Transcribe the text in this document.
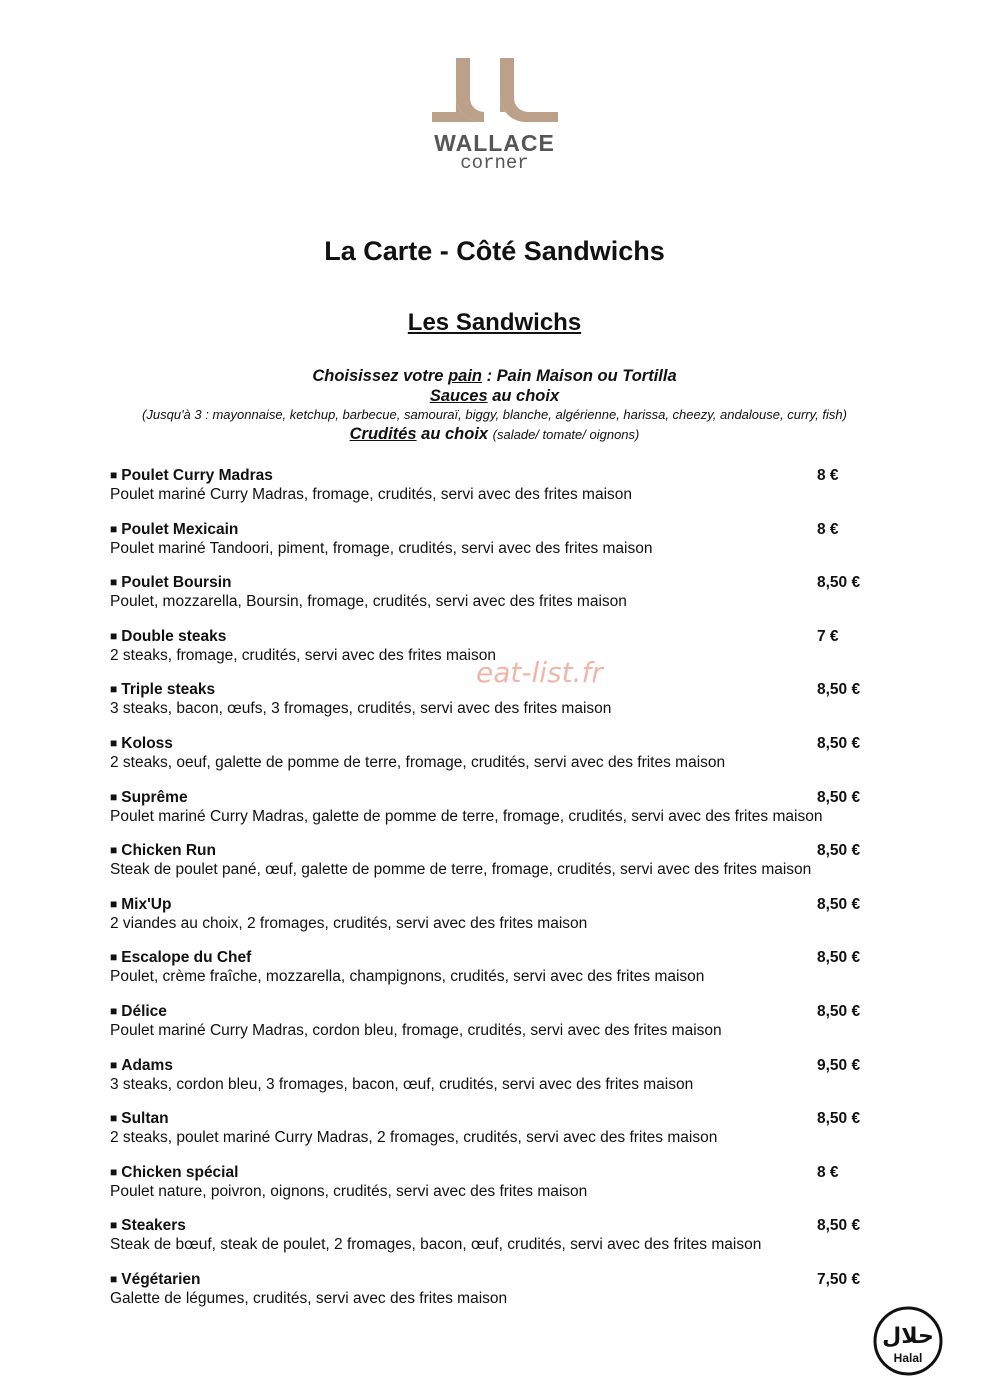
WALLACE
corner
La Carte - Côté Sandwichs
Les Sandwichs
Choisissez votre pain : Pain Maison ou Tortilla
Sauces au choix
(Jusqu'à 3 : mayonnaise, ketchup, barbecue, samouraï, biggy, blanche, algérienne, harissa, cheezy, andalouse, curry, fish)
Crudités au choix (salade/ tomate/ oignons)
■ Poulet Curry Madras
Poulet mariné Curry Madras, fromage, crudités, servi avec des frites maison
8 €
■ Poulet Mexicain
Poulet mariné Tandoori, piment, fromage, crudités, servi avec des frites maison
8 €
■ Poulet Boursin
Poulet, mozzarella, Boursin, fromage, crudités, servi avec des frites maison
8,50 €
■ Double steaks
2 steaks, fromage, crudités, servi avec des frites maison
7 €
■ Triple steaks
3 steaks, bacon, œufs, 3 fromages, crudités, servi avec des frites maison
8,50 €
■ Koloss
2 steaks, oeuf, galette de pomme de terre, fromage, crudités, servi avec des frites maison
8,50 €
■ Suprême
Poulet mariné Curry Madras, galette de pomme de terre, fromage, crudités, servi avec des frites maison
8,50 €
■ Chicken Run
Steak de poulet pané, œuf, galette de pomme de terre, fromage, crudités, servi avec des frites maison
8,50 €
■ Mix'Up
2 viandes au choix, 2 fromages, crudités, servi avec des frites maison
8,50 €
■ Escalope du Chef
Poulet, crème fraîche, mozzarella, champignons, crudités, servi avec des frites maison
8,50 €
■ Délice
Poulet mariné Curry Madras, cordon bleu, fromage, crudités, servi avec des frites maison
8,50 €
■ Adams
3 steaks, cordon bleu, 3 fromages, bacon, œuf, crudités, servi avec des frites maison
9,50 €
■ Sultan
2 steaks, poulet mariné Curry Madras, 2 fromages, crudités, servi avec des frites maison
8,50 €
■ Chicken spécial
Poulet nature, poivron, oignons, crudités, servi avec des frites maison
8 €
■ Steakers
Steak de bœuf, steak de poulet, 2 fromages, bacon, œuf, crudités, servi avec des frites maison
8,50 €
■ Végétarien
Galette de légumes, crudités, servi avec des frites maison
7,50 €
eat-list.fr
حلال
Halal
